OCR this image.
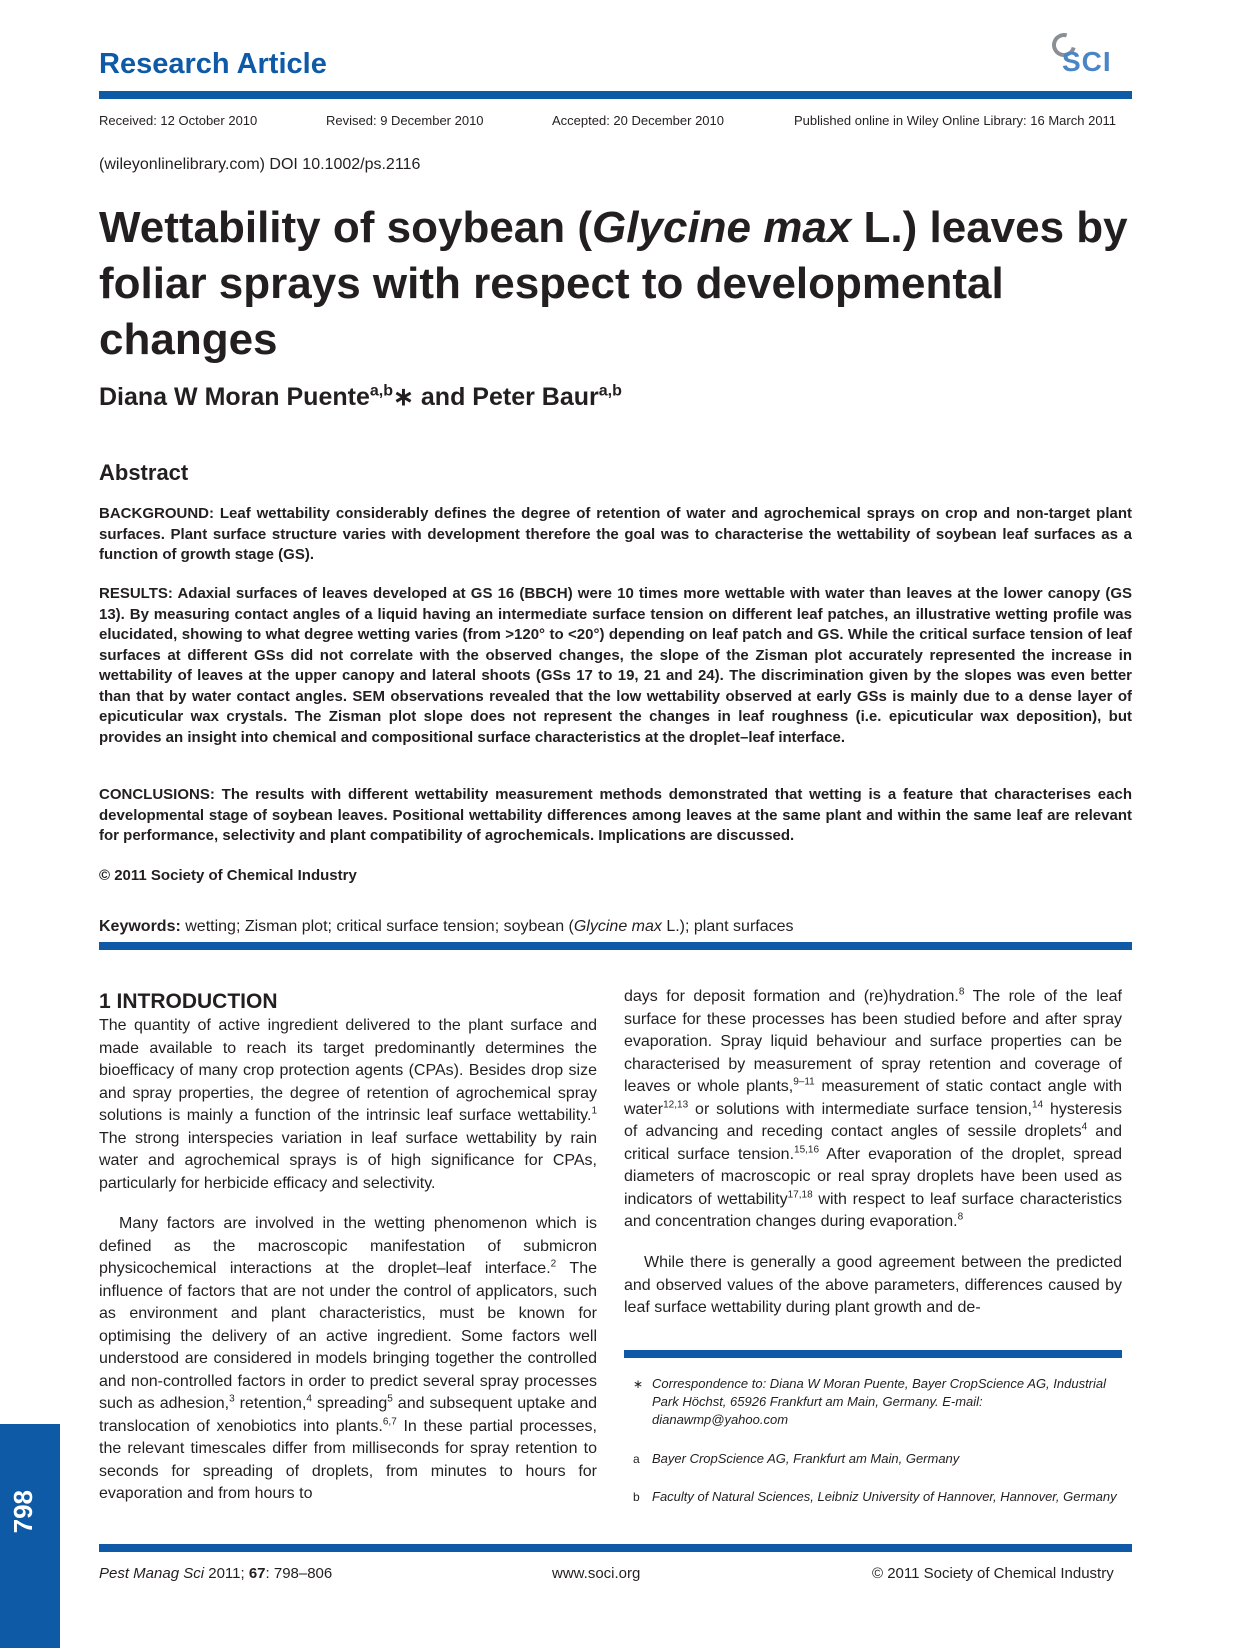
Research Article	SCI
Received: 12 October 2010	Revised: 9 December 2010	Accepted: 20 December 2010	Published online in Wiley Online Library: 16 March 2011
(wileyonlinelibrary.com) DOI 10.1002/ps.2116
Wettability of soybean (Glycine max L.) leaves by foliar sprays with respect to developmental changes
Diana W Moran Puente$^{a,b}$∗ and Peter Baur$^{a,b}$
Abstract

BACKGROUND: Leaf wettability considerably defines the degree of retention of water and agrochemical sprays on crop and non-target plant surfaces. Plant surface structure varies with development therefore the goal was to characterise the wettability of soybean leaf surfaces as a function of growth stage (GS).

RESULTS: Adaxial surfaces of leaves developed at GS 16 (BBCH) were 10 times more wettable with water than leaves at the lower canopy (GS 13). By measuring contact angles of a liquid having an intermediate surface tension on different leaf patches, an illustrative wetting profile was elucidated, showing to what degree wetting varies (from >120° to <20°) depending on leaf patch and GS. While the critical surface tension of leaf surfaces at different GSs did not correlate with the observed changes, the slope of the Zisman plot accurately represented the increase in wettability of leaves at the upper canopy and lateral shoots (GSs 17 to 19, 21 and 24). The discrimination given by the slopes was even better than that by water contact angles. SEM observations revealed that the low wettability observed at early GSs is mainly due to a dense layer of epicuticular wax crystals. The Zisman plot slope does not represent the changes in leaf roughness (i.e. epicuticular wax deposition), but provides an insight into chemical and compositional surface characteristics at the droplet–leaf interface.

CONCLUSIONS: The results with different wettability measurement methods demonstrated that wetting is a feature that characterises each developmental stage of soybean leaves. Positional wettability differences among leaves at the same plant and within the same leaf are relevant for performance, selectivity and plant compatibility of agrochemicals. Implications are discussed.

© 2011 Society of Chemical Industry
Keywords: wetting; Zisman plot; critical surface tension; soybean (Glycine max L.); plant surfaces
1 INTRODUCTION
The quantity of active ingredient delivered to the plant surface and made available to reach its target predominantly determines the bioefficacy of many crop protection agents (CPAs). Besides drop size and spray properties, the degree of retention of agrochemical spray solutions is mainly a function of the intrinsic leaf surface wettability.$^1$ The strong interspecies variation in leaf surface wettability by rain water and agrochemical sprays is of high significance for CPAs, particularly for herbicide efficacy and selectivity.
Many factors are involved in the wetting phenomenon which is defined as the macroscopic manifestation of submicron physicochemical interactions at the droplet–leaf interface.$^2$ The influence of factors that are not under the control of applicators, such as environment and plant characteristics, must be known for optimising the delivery of an active ingredient. Some factors well understood are considered in models bringing together the controlled and non-controlled factors in order to predict several spray processes such as adhesion,$^3$ retention,$^4$ spreading$^5$ and subsequent uptake and translocation of xenobiotics into plants.$^{6,7}$ In these partial processes, the relevant timescales differ from milliseconds for spray retention to seconds for spreading of droplets, from minutes to hours for evaporation and from hours to
days for deposit formation and (re)hydration.$^8$ The role of the leaf surface for these processes has been studied before and after spray evaporation. Spray liquid behaviour and surface properties can be characterised by measurement of spray retention and coverage of leaves or whole plants,$^{9-11}$ measurement of static contact angle with water$^{12,13}$ or solutions with intermediate surface tension,$^{14}$ hysteresis of advancing and receding contact angles of sessile droplets$^4$ and critical surface tension.$^{15,16}$ After evaporation of the droplet, spread diameters of macroscopic or real spray droplets have been used as indicators of wettability$^{17,18}$ with respect to leaf surface characteristics and concentration changes during evaporation.$^8$
While there is generally a good agreement between the predicted and observed values of the above parameters, differences caused by leaf surface wettability during plant growth and de-
∗ Correspondence to: Diana W Moran Puente, Bayer CropScience AG, Industrial Park Höchst, 65926 Frankfurt am Main, Germany. E-mail: dianawmp@yahoo.com
a Bayer CropScience AG, Frankfurt am Main, Germany
b Faculty of Natural Sciences, Leibniz University of Hannover, Hannover, Germany
798
Pest Manag Sci 2011; 67: 798–806	www.soci.org	© 2011 Society of Chemical Industry
